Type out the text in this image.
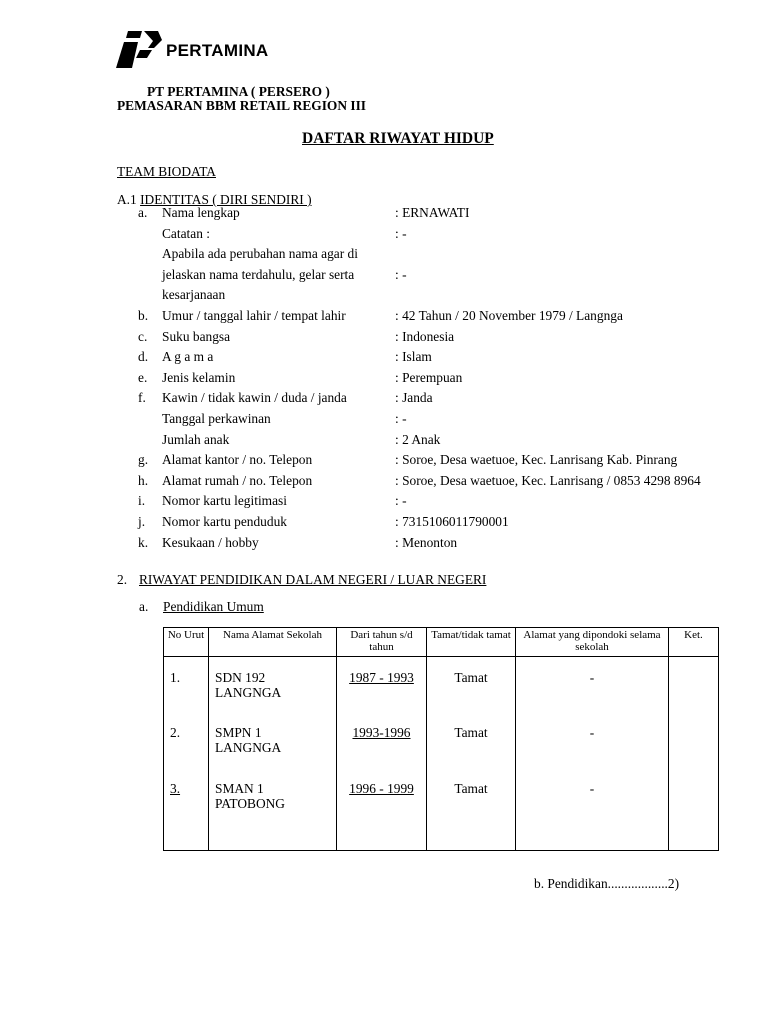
PERTAMINA
PT PERTAMINA ( PERSERO )
PEMASARAN BBM RETAIL REGION III
DAFTAR RIWAYAT HIDUP
TEAM BIODATA
A.1 IDENTITAS ( DIRI SENDIRI )
a. Nama lengkap	: ERNAWATI
Catatan :	: -
Apabila ada perubahan nama agar di
jelaskan nama terdahulu, gelar serta	: -
kesarjanaan
b. Umur / tanggal lahir / tempat lahir	: 42 Tahun / 20 November 1979 / Langnga
c. Suku bangsa	: Indonesia
d. A g a m a	: Islam
e. Jenis kelamin	: Perempuan
f. Kawin / tidak kawin / duda / janda	: Janda
Tanggal perkawinan	: -
Jumlah anak	: 2 Anak
g. Alamat kantor / no. Telepon	: Soroe, Desa waetuoe, Kec. Lanrisang Kab. Pinrang
h. Alamat rumah / no. Telepon	: Soroe, Desa waetuoe, Kec. Lanrisang / 0853 4298 8964
i. Nomor kartu legitimasi	: -
j. Nomor kartu penduduk	: 7315106011790001
k. Kesukaan / hobby	: Menonton
2. RIWAYAT PENDIDIKAN DALAM NEGERI / LUAR NEGERI
a. Pendidikan Umum
No Urut	Nama Alamat Sekolah	Dari tahun s/d tahun	Tamat/tidak tamat	Alamat yang dipondoki selama sekolah	Ket.
1.	SDN 192 LANGNGA	1987 - 1993	Tamat	-	
2.	SMPN 1 LANGNGA	1993-1996	Tamat	-	
3.	SMAN 1 PATOBONG	1996 - 1999	Tamat	-	
b. Pendidikan..................2)
